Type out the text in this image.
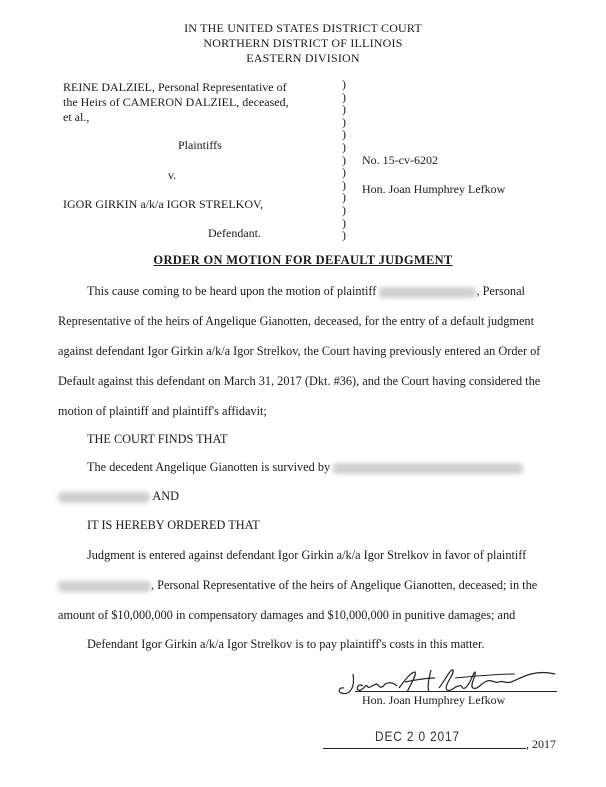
IN THE UNITED STATES DISTRICT COURT
NORTHERN DISTRICT OF ILLINOIS
EASTERN DIVISION
REINE DALZIEL, Personal Representative of
the Heirs of CAMERON DALZIEL, deceased,
et al.,
Plaintiffs
v.
IGOR GIRKIN a/k/a IGOR STRELKOV,
Defendant.
)
)
)
)
)
)
)
)
)
)
)
)
)
No. 15-cv-6202
Hon. Joan Humphrey Lefkow
ORDER ON MOTION FOR DEFAULT JUDGMENT
This cause coming to be heard upon the motion of plaintiff	, Personal
Representative of the heirs of Angelique Gianotten, deceased, for the entry of a default judgment
against defendant Igor Girkin a/k/a Igor Strelkov, the Court having previously entered an Order of
Default against this defendant on March 31, 2017 (Dkt. #36), and the Court having considered the
motion of plaintiff and plaintiff's affidavit;
THE COURT FINDS THAT
The decedent Angelique Gianotten is survived by
AND
IT IS HEREBY ORDERED THAT
Judgment is entered against defendant Igor Girkin a/k/a Igor Strelkov in favor of plaintiff
, Personal Representative of the heirs of Angelique Gianotten, deceased; in the
amount of $10,000,000 in compensatory damages and $10,000,000 in punitive damages; and
Defendant Igor Girkin a/k/a Igor Strelkov is to pay plaintiff's costs in this matter.
Hon. Joan Humphrey Lefkow
DEC 2 0 2017	, 2017
